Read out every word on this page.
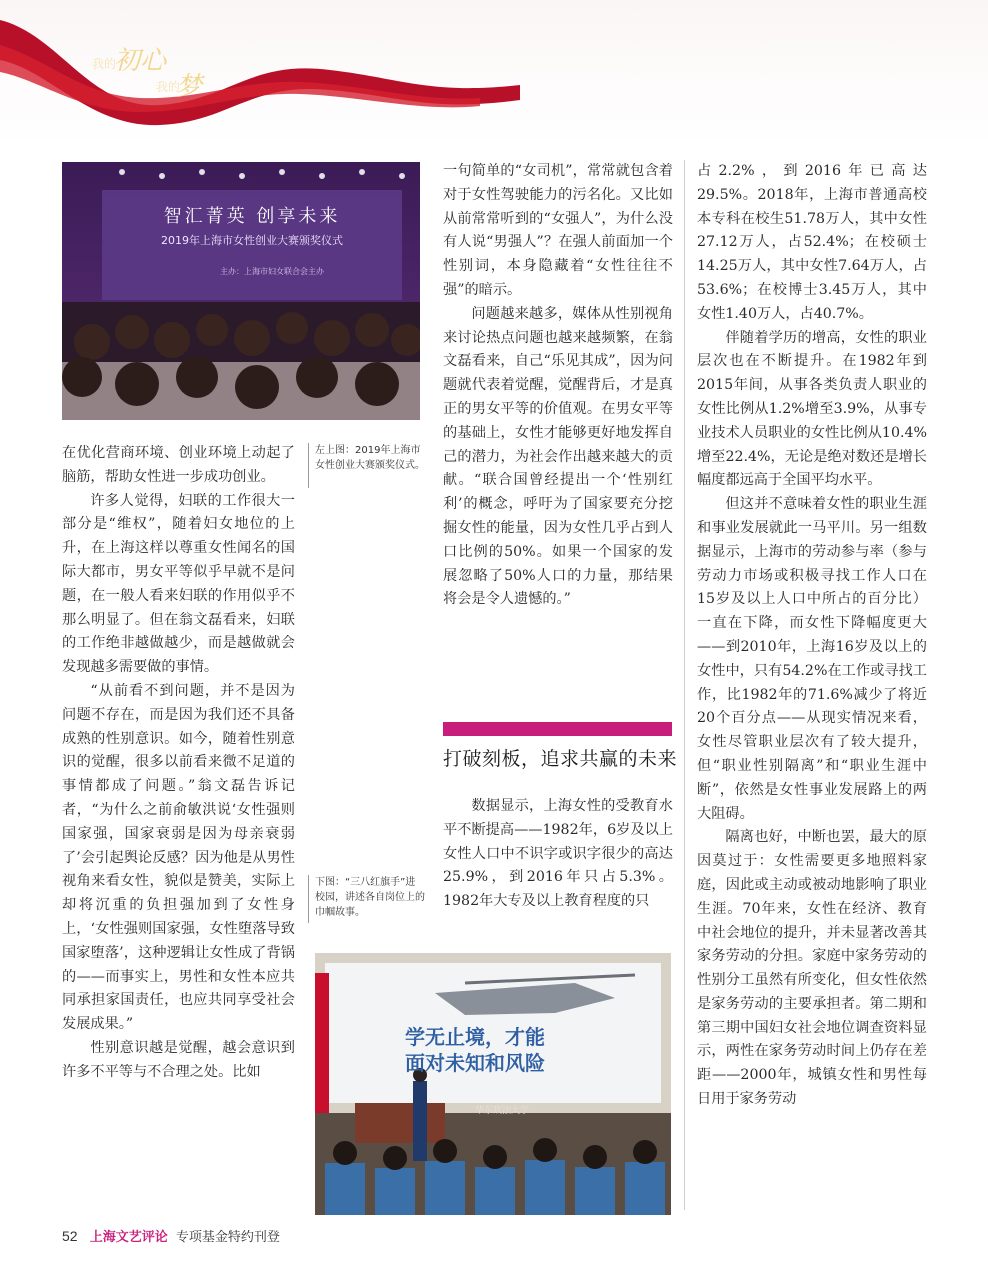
我的
初心
我的
梦
智汇菁英 创享未来
2019年上海市女性创业大赛颁奖仪式
主办：上海市妇女联合会主办

在优化营商环境、创业环境上动起了脑筋，帮助女性进一步成功创业。

许多人觉得，妇联的工作很大一部分是“维权”，随着妇女地位的上升，在上海这样以尊重女性闻名的国际大都市，男女平等似乎早就不是问题，在一般人看来妇联的作用似乎不那么明显了。但在翁文磊看来，妇联的工作绝非越做越少，而是越做就会发现越多需要做的事情。

“从前看不到问题，并不是因为问题不存在，而是因为我们还不具备成熟的性别意识。如今，随着性别意识的觉醒，很多以前看来微不足道的事情都成了问题。”翁文磊告诉记者，“为什么之前俞敏洪说‘女性强则国家强，国家衰弱是因为母亲衰弱了’会引起舆论反感？因为他是从男性视角来看女性，貌似是赞美，实际上却将沉重的负担强加到了女性身上，‘女性强则国家强，女性堕落导致国家堕落’，这种逻辑让女性成了背锅的——而事实上，男性和女性本应共同承担家国责任，也应共同享受社会发展成果。”

性别意识越是觉醒，越会意识到许多不平等与不合理之处。比如

左上图：2019年上海市女性创业大赛颁奖仪式。
下图：“三八红旗手”进校园，讲述各自岗位上的巾帼故事。

一句简单的“女司机”，常常就包含着对于女性驾驶能力的污名化。又比如从前常常听到的“女强人”，为什么没有人说“男强人”？在强人前面加一个性别词，本身隐藏着“女性往往不强”的暗示。

问题越来越多，媒体从性别视角来讨论热点问题也越来越频繁，在翁文磊看来，自己“乐见其成”，因为问题就代表着觉醒，觉醒背后，才是真正的男女平等的价值观。在男女平等的基础上，女性才能够更好地发挥自己的潜力，为社会作出越来越大的贡献。“联合国曾经提出一个‘性别红利’的概念，呼吁为了国家要充分挖掘女性的能量，因为女性几乎占到人口比例的50%。如果一个国家的发展忽略了50%人口的力量，那结果将会是令人遗憾的。”

打破刻板，追求共赢的未来

数据显示，上海女性的受教育水平不断提高——1982年，6岁及以上女性人口中不识字或识字很少的高达25.9%，到2016年只占5.3%。1982年大专及以上教育程度的只

占2.2%，到2016年已高达29.5%。2018年，上海市普通高校本专科在校生51.78万人，其中女性27.12万人，占52.4%；在校硕士14.25万人，其中女性7.64万人，占53.6%；在校博士3.45万人，其中女性1.40万人，占40.7%。

伴随着学历的增高，女性的职业层次也在不断提升。在1982年到2015年间，从事各类负责人职业的女性比例从1.2%增至3.9%，从事专业技术人员职业的女性比例从10.4%增至22.4%，无论是绝对数还是增长幅度都远高于全国平均水平。

但这并不意味着女性的职业生涯和事业发展就此一马平川。另一组数据显示，上海市的劳动参与率（参与劳动力市场或积极寻找工作人口在15岁及以上人口中所占的百分比）一直在下降，而女性下降幅度更大——到2010年，上海16岁及以上的女性中，只有54.2%在工作或寻找工作，比1982年的71.6%减少了将近20个百分点——从现实情况来看，女性尽管职业层次有了较大提升，但“职业性别隔离”和“职业生涯中断”，依然是女性事业发展路上的两大阻碍。

隔离也好，中断也罢，最大的原因莫过于：女性需要更多地照料家庭，因此或主动或被动地影响了职业生涯。70年来，女性在经济、教育中社会地位的提升，并未显著改善其家务劳动的分担。家庭中家务劳动的性别分工虽然有所变化，但女性依然是家务劳动的主要承担者。第二期和第三期中国妇女社会地位调查资料显示，两性在家务劳动时间上仍存在差距——2000年，城镇女性和男性每日用于家务劳动

学无止境，才能
面对未知和风险
华东政法大学
52 上海文艺评论 专项基金特约刊登
